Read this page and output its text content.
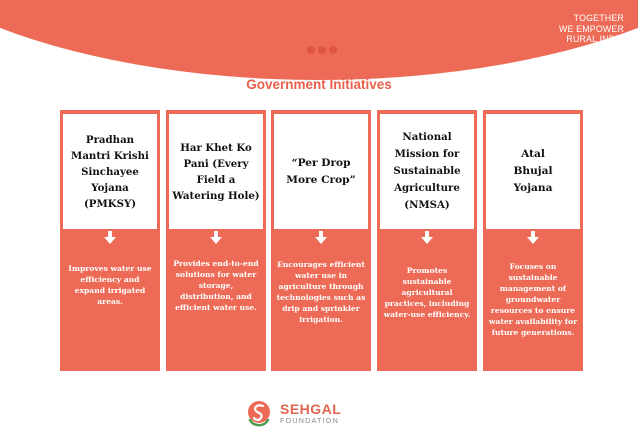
TOGETHER
WE EMPOWER
RURAL INDIA
Government Initiatives
Pradhan Mantri Krishi Sinchayee Yojana (PMKSY)
Improves water use efficiency and expand irrigated areas.
Har Khet Ko Pani (Every Field a Watering Hole)
Provides end-to-end solutions for water storage, distribution, and efficient water use.
“Per Drop More Crop”
Encourages efficient water use in agriculture through technologies such as drip and sprinkler irrigation.
National Mission for Sustainable Agriculture (NMSA)
Promotes sustainable agricultural practices, including water-use efficiency.
Atal Bhujal Yojana
Focuses on sustainable management of groundwater resources to ensure water availability for future generations.
SEHGAL
FOUNDATION
